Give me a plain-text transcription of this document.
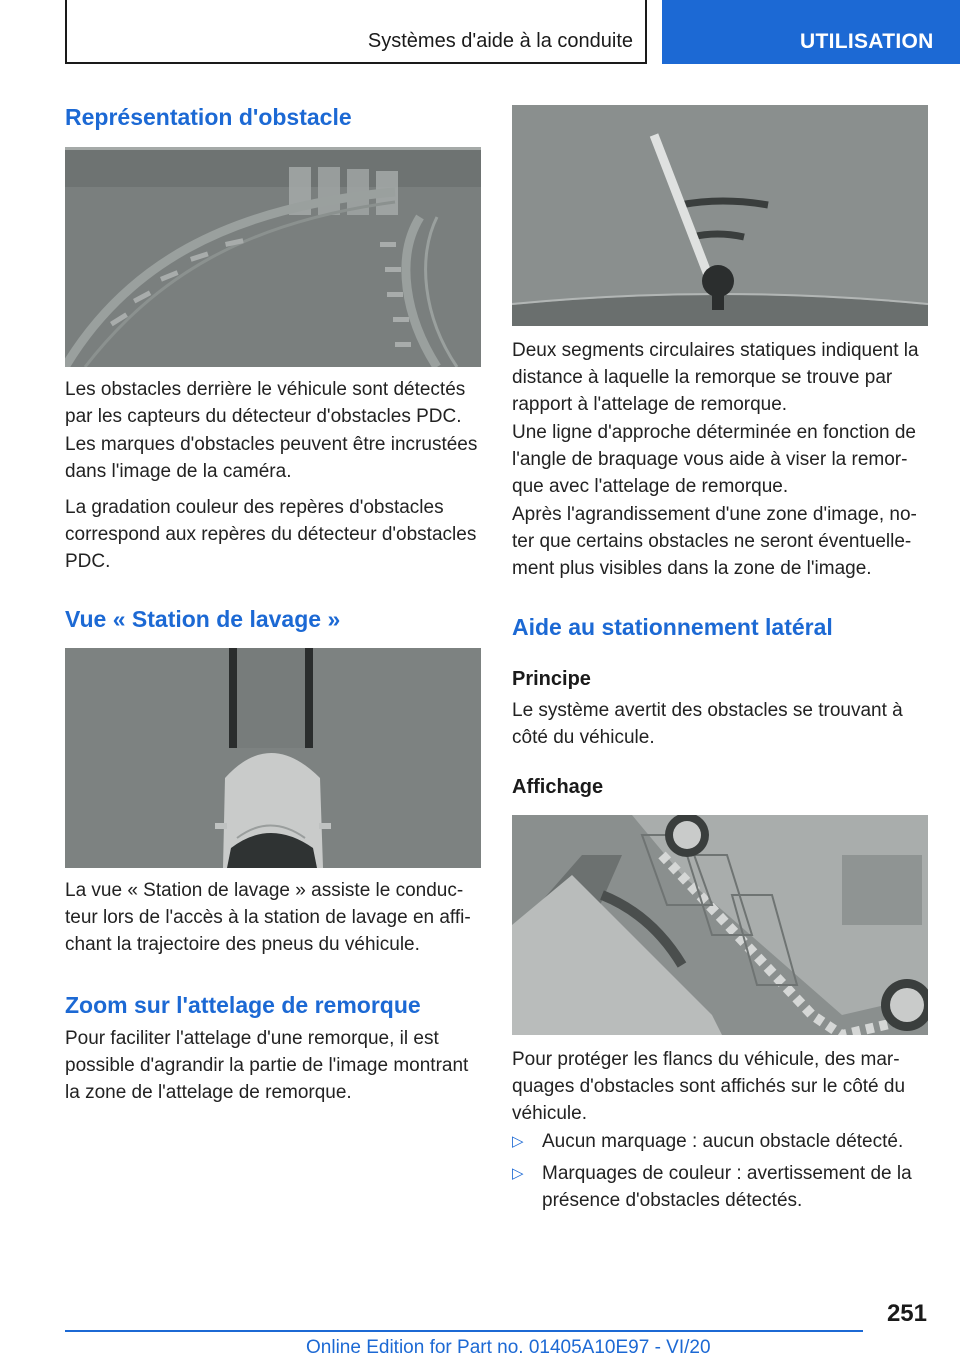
Systèmes d'aide à la conduite	UTILISATION
Représentation d'obstacle

Les obstacles derrière le véhicule sont détectés par les capteurs du détecteur d'obstacles PDC.

Les marques d'obstacles peuvent être incrustées dans l'image de la caméra.

La gradation couleur des repères d'obstacles correspond aux repères du détecteur d'obstacles PDC.

Vue « Station de lavage »

La vue « Station de lavage » assiste le conducteur lors de l'accès à la station de lavage en affichant la trajectoire des pneus du véhicule.

Zoom sur l'attelage de remorque

Pour faciliter l'attelage d'une remorque, il est possible d'agrandir la partie de l'image montrant la zone de l'attelage de remorque.

Deux segments circulaires statiques indiquent la distance à laquelle la remorque se trouve par rapport à l'attelage de remorque.

Une ligne d'approche déterminée en fonction de l'angle de braquage vous aide à viser la remorque avec l'attelage de remorque.

Après l'agrandissement d'une zone d'image, noter que certains obstacles ne seront éventuellement plus visibles dans la zone de l'image.

Aide au stationnement latéral
Principe

Le système avertit des obstacles se trouvant à côté du véhicule.

Affichage

Pour protéger les flancs du véhicule, des marquages d'obstacles sont affichés sur le côté du véhicule.

▷ Aucun marquage : aucun obstacle détecté.
▷ Marquages de couleur : avertissement de la présence d'obstacles détectés.
251
Online Edition for Part no. 01405A10E97 - VI/20
